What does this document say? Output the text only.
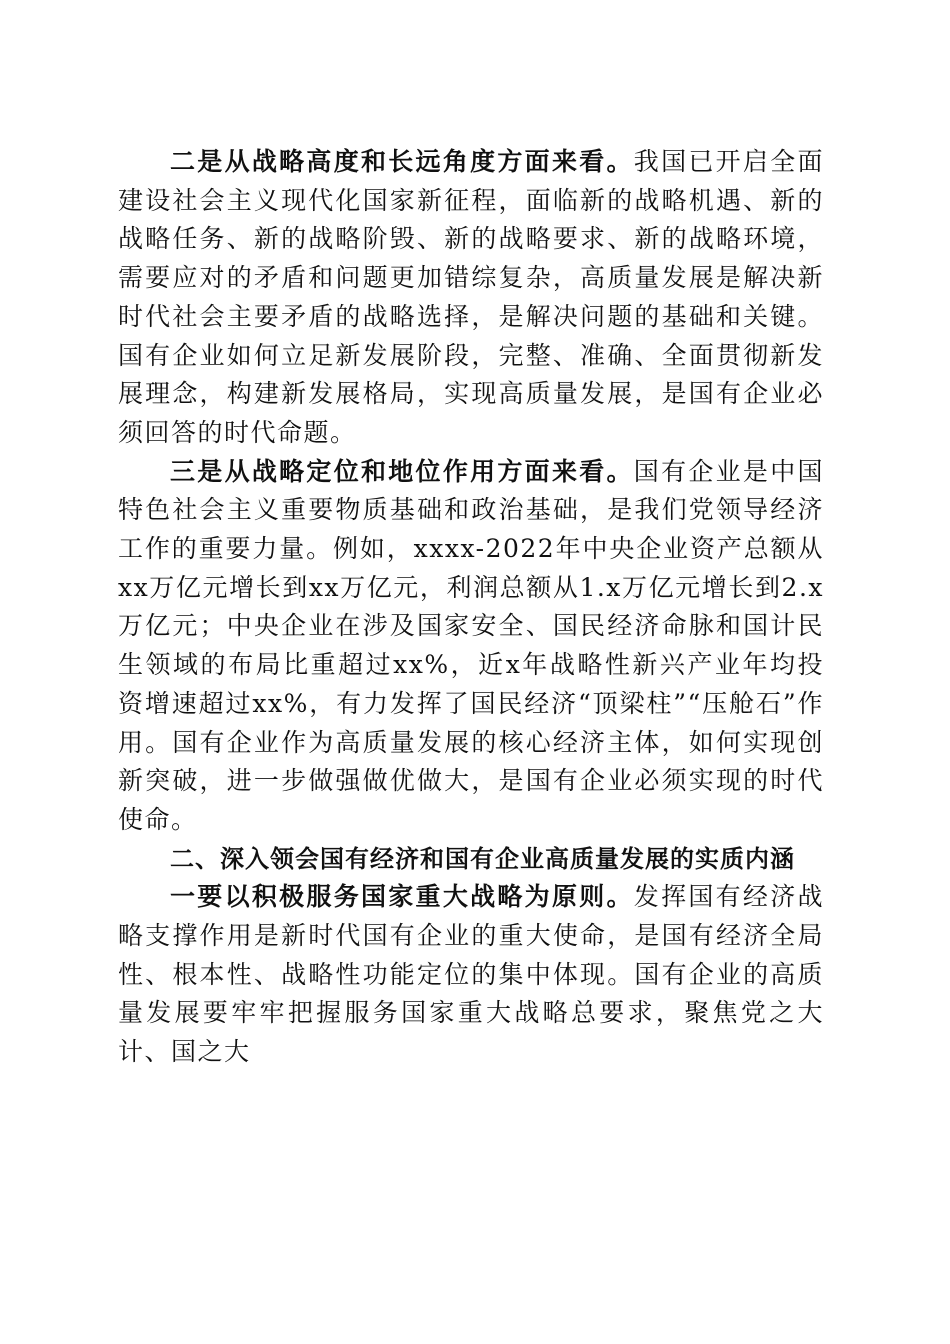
二是从战略高度和长远角度方面来看。我国已开启全面建设社会主义现代化国家新征程，面临新的战略机遇、新的战略任务、新的战略阶毁、新的战略要求、新的战略环境，需要应对的矛盾和问题更加错综复杂，高质量发展是解决新时代社会主要矛盾的战略选择，是解决问题的基础和关键。国有企业如何立足新发展阶段，完整、准确、全面贯彻新发展理念，构建新发展格局，实现高质量发展，是国有企业必须回答的时代命题。

三是从战略定位和地位作用方面来看。国有企业是中国特色社会主义重要物质基础和政治基础，是我们党领导经济工作的重要力量。例如，xxxx-2022年中央企业资产总额从xx万亿元增长到xx万亿元，利润总额从1.x万亿元增长到2.x万亿元；中央企业在涉及国家安全、国民经济命脉和国计民生领域的布局比重超过xx%，近x年战略性新兴产业年均投资增速超过xx%，有力发挥了国民经济“顶梁柱”“压舱石”作用。国有企业作为高质量发展的核心经济主体，如何实现创新突破，进一步做强做优做大，是国有企业必须实现的时代使命。

二、深入领会国有经济和国有企业高质量发展的实质内涵

一要以积极服务国家重大战略为原则。发挥国有经济战略支撑作用是新时代国有企业的重大使命，是国有经济全局性、根本性、战略性功能定位的集中体现。国有企业的高质量发展要牢牢把握服务国家重大战略总要求，聚焦党之大计、国之大
